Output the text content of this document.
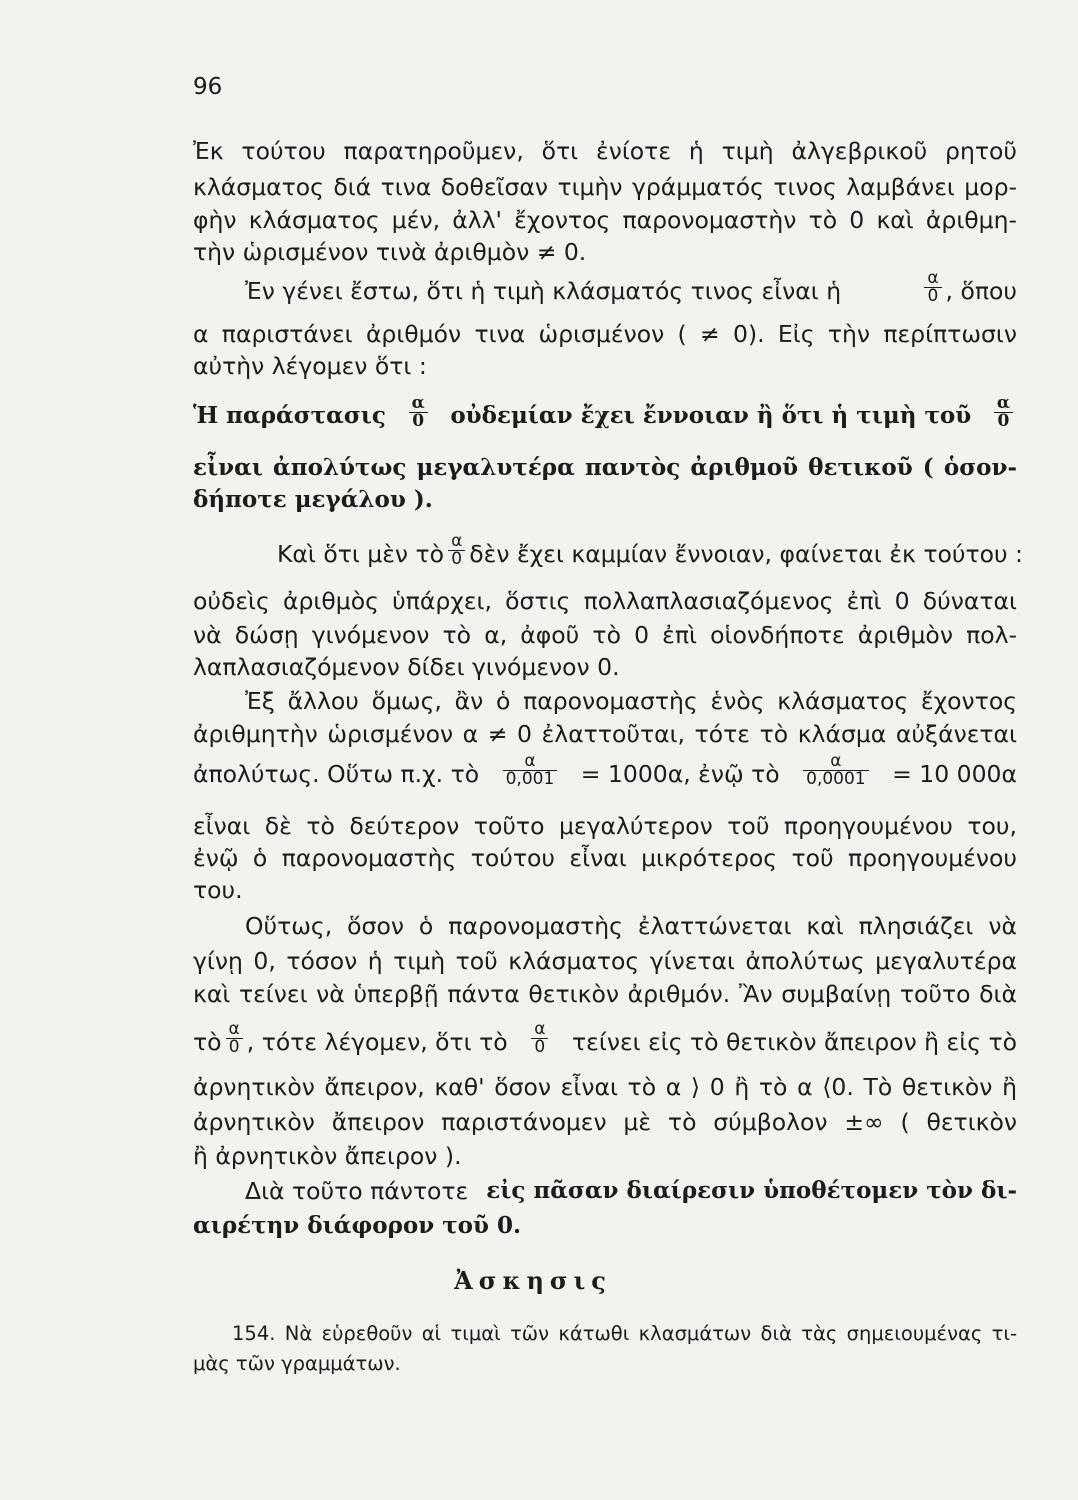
96
Ἐκ τούτου παρατηροῦμεν, ὅτι ἐνίοτε ἡ τιμὴ ἀλγεβρικοῦ ρητοῦ
κλάσματος διά τινα δοθεῖσαν τιμὴν γράμματός τινος λαμβάνει μορ-
φὴν κλάσματος μέν, ἀλλ' ἔχοντος παρονομαστὴν τὸ 0 καὶ ἀριθμη-
τὴν ὡρισμένον τινὰ ἀριθμὸν ≠ 0.
Ἐν γένει ἔστω, ὅτι ἡ τιμὴ κλάσματός τινος εἶναι ἡ	$\frac{\alpha}{0}$ , ὅπου
α παριστάνει ἀριθμόν τινα ὡρισμένον ( ≠ 0). Εἰς τὴν περίπτωσιν
αὐτὴν λέγομεν ὅτι :
Ἡ παράστασις $\frac{\alpha}{0}$ οὐδεμίαν ἔχει ἔννοιαν ἢ ὅτι ἡ τιμὴ τοῦ $\frac{\alpha}{0}$
εἶναι ἀπολύτως μεγαλυτέρα παντὸς ἀριθμοῦ θετικοῦ ( ὁσον-
δήποτε μεγάλου ).
Καὶ ὅτι μὲν τὸ $\frac{\alpha}{0}$ δὲν ἔχει καμμίαν ἔννοιαν, φαίνεται ἐκ τούτου :
οὐδεὶς ἀριθμὸς ὑπάρχει, ὅστις πολλαπλασιαζόμενος ἐπὶ 0 δύναται
νὰ δώσῃ γινόμενον τὸ α, ἀφοῦ τὸ 0 ἐπὶ οἱονδήποτε ἀριθμὸν πολ-
λαπλασιαζόμενον δίδει γινόμενον 0.
Ἐξ ἄλλου ὅμως, ἂν ὁ παρονομαστὴς ἑνὸς κλάσματος ἔχοντος
ἀριθμητὴν ὡρισμένον α ≠ 0 ἐλαττοῦται, τότε τὸ κλάσμα αὐξάνεται
ἀπολύτως. Οὕτω π.χ. τὸ $\frac{\alpha}{0,001} = 1000\alpha$, ἐνῷ τὸ $\frac{\alpha}{0,0001} = 10$ 000α
εἶναι δὲ τὸ δεύτερον τοῦτο μεγαλύτερον τοῦ προηγουμένου του,
ἐνῷ ὁ παρονομαστὴς τούτου εἶναι μικρότερος τοῦ προηγουμένου
του.
Οὕτως, ὅσον ὁ παρονομαστὴς ἐλαττώνεται καὶ πλησιάζει νὰ
γίνῃ 0, τόσον ἡ τιμὴ τοῦ κλάσματος γίνεται ἀπολύτως μεγαλυτέρα
καὶ τείνει νὰ ὑπερβῇ πάντα θετικὸν ἀριθμόν. Ἂν συμβαίνῃ τοῦτο διὰ
τὸ $\frac{\alpha}{0}$ , τότε λέγομεν, ὅτι τὸ $\frac{\alpha}{0}$ τείνει εἰς τὸ θετικὸν ἄπειρον ἢ εἰς τὸ
ἀρνητικὸν ἄπειρον, καθ' ὅσον εἶναι τὸ α ⟩ 0 ἢ τὸ α ⟨0. Τὸ θετικὸν ἢ
ἀρνητικὸν ἄπειρον παριστάνομεν μὲ τὸ σύμβολον ±∞ ( θετικὸν
ἢ ἀρνητικὸν ἄπειρον ).
Διὰ τοῦτο πάντοτε εἰς πᾶσαν διαίρεσιν ὑποθέτομεν τὸν δι-
αιρέτην διάφορον τοῦ 0.
Ἀσκησις
154. Νὰ εὑρεθοῦν αἱ τιμαὶ τῶν κάτωθι κλασμάτων διὰ τὰς σημειουμένας τι-
μὰς τῶν γραμμάτων.
